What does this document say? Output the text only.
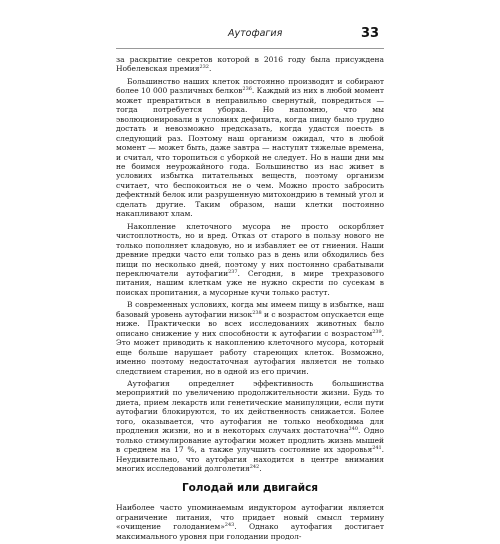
Аутофагия	33

за раскрытие секретов которой в 2016 году была присуждена Нобелевская премия$^{232}$.

Большинство наших клеток постоянно производят и собирают более 10 000 различных белков$^{236}$. Каждый из них в любой момент может превратиться в неправильно свернутый, повредиться — тогда потребуется уборка. Но напомню, что мы эволюционировали в условиях дефицита, когда пищу было трудно достать и невозможно предсказать, когда удастся поесть в следующий раз. Поэтому наш организм ожидал, что в любой момент — может быть, даже завтра — наступят тяжелые времена, и считал, что торопиться с уборкой не следует. Но в наши дни мы не боимся неурожайного года. Большинство из нас живет в условиях избытка питательных веществ, поэтому организм считает, что беспокоиться не о чем. Можно просто забросить дефектный белок или разрушенную митохондрию в темный угол и сделать другие. Таким образом, наши клетки постоянно накапливают хлам.

Накопление клеточного мусора не просто оскорбляет чистоплотность, но и вред. Отказ от старого в пользу нового не только пополняет кладовую, но и избавляет ее от гниения. Наши древние предки часто ели только раз в день или обходились без пищи по несколько дней, поэтому у них постоянно срабатывали переключатели аутофагии$^{237}$. Сегодня, в мире трехразового питания, нашим клеткам уже не нужно скрести по сусекам в поисках пропитания, а мусорные кучи только растут.

В современных условиях, когда мы имеем пищу в избытке, наш базовый уровень аутофагии низок$^{238}$ и с возрастом опускается еще ниже. Практически во всех исследованиях животных было описано снижение у них способности к аутофагии с возрастом$^{239}$. Это может приводить к накоплению клеточного мусора, который еще больше нарушает работу стареющих клеток. Возможно, именно поэтому недостаточная аутофагия является не только следствием старения, но в одной из его причин.

Аутофагия определяет эффективность большинства мероприятий по увеличению продолжительности жизни. Будь то диета, прием лекарств или генетические манипуляции, если пути аутофагии блокируются, то их действенность снижается. Более того, оказывается, что аутофагия не только необходима для продления жизни, но и в некоторых случаях достаточна$^{240}$. Одно только стимулирование аутофагии может продлить жизнь мышей в среднем на 17 %, а также улучшить состояние их здоровья$^{241}$. Неудивительно, что аутофагия находится в центре внимания многих исследований долголетия$^{242}$.

Голодай или двигайся

Наиболее часто упоминаемым индуктором аутофагии является ограничение питания, что придает новый смысл термину «очищение голоданием»$^{243}$. Однако аутофагия достигает максимального уровня при голодании продол-
